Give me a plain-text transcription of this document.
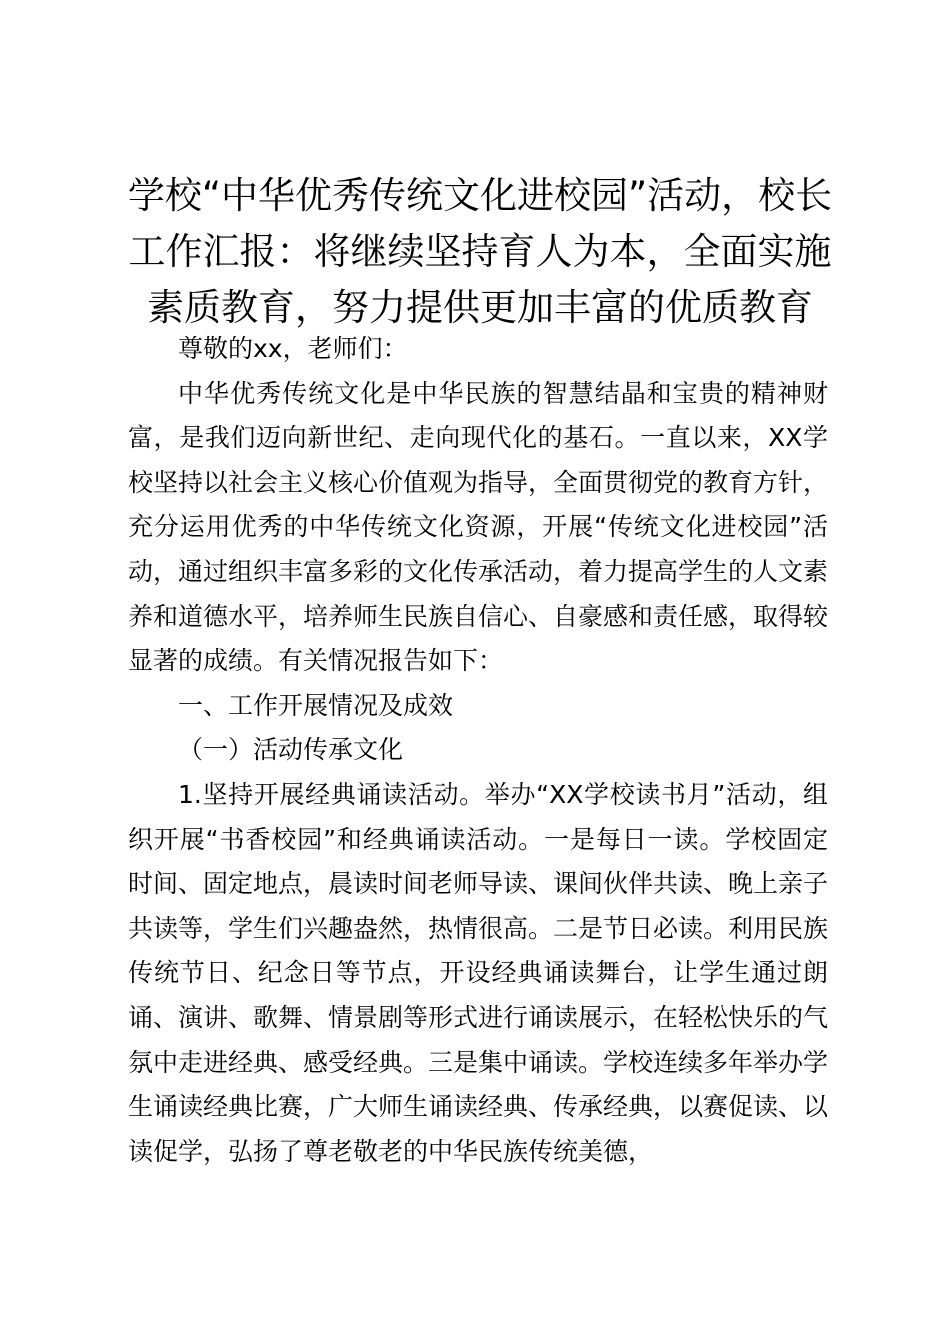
学校“中华优秀传统文化进校园”活动，校长工作汇报：将继续坚持育人为本，全面实施素质教育，努力提供更加丰富的优质教育

尊敬的xx，老师们：

中华优秀传统文化是中华民族的智慧结晶和宝贵的精神财富，是我们迈向新世纪、走向现代化的基石。一直以来，XX学校坚持以社会主义核心价值观为指导，全面贯彻党的教育方针，充分运用优秀的中华传统文化资源，开展“传统文化进校园”活动，通过组织丰富多彩的文化传承活动，着力提高学生的人文素养和道德水平，培养师生民族自信心、自豪感和责任感，取得较显著的成绩。有关情况报告如下：

一、工作开展情况及成效

（一）活动传承文化

1.坚持开展经典诵读活动。举办“XX学校读书月”活动，组织开展“书香校园”和经典诵读活动。一是每日一读。学校固定时间、固定地点，晨读时间老师导读、课间伙伴共读、晚上亲子共读等，学生们兴趣盎然，热情很高。二是节日必读。利用民族传统节日、纪念日等节点，开设经典诵读舞台，让学生通过朗诵、演讲、歌舞、情景剧等形式进行诵读展示，在轻松快乐的气氛中走进经典、感受经典。三是集中诵读。学校连续多年举办学生诵读经典比赛，广大师生诵读经典、传承经典，以赛促读、以读促学，弘扬了尊老敬老的中华民族传统美德，
